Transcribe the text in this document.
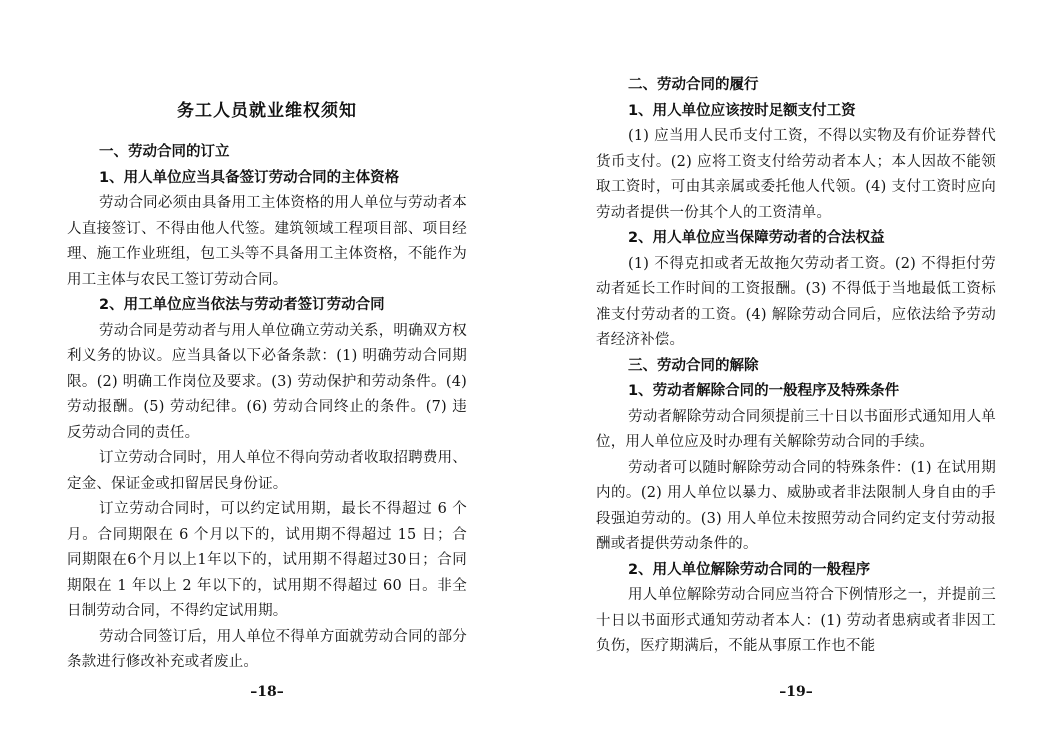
务工人员就业维权须知
一、劳动合同的订立
1、用人单位应当具备签订劳动合同的主体资格
劳动合同必须由具备用工主体资格的用人单位与劳动者本人直接签订、不得由他人代签。建筑领域工程项目部、项目经理、施工作业班组，包工头等不具备用工主体资格，不能作为用工主体与农民工签订劳动合同。
2、用工单位应当依法与劳动者签订劳动合同
劳动合同是劳动者与用人单位确立劳动关系，明确双方权利义务的协议。应当具备以下必备条款：(1) 明确劳动合同期限。(2) 明确工作岗位及要求。(3) 劳动保护和劳动条件。(4) 劳动报酬。(5) 劳动纪律。(6) 劳动合同终止的条件。(7) 违反劳动合同的责任。
订立劳动合同时，用人单位不得向劳动者收取招聘费用、定金、保证金或扣留居民身份证。
订立劳动合同时，可以约定试用期，最长不得超过 6 个月。合同期限在 6 个月以下的，试用期不得超过 15 日；合同期限在6个月以上1年以下的，试用期不得超过30日；合同期限在 1 年以上 2 年以下的，试用期不得超过 60 日。非全日制劳动合同，不得约定试用期。
劳动合同签订后，用人单位不得单方面就劳动合同的部分条款进行修改补充或者废止。
–18–
二、劳动合同的履行
1、用人单位应该按时足额支付工资
(1) 应当用人民币支付工资，不得以实物及有价证券替代货币支付。(2) 应将工资支付给劳动者本人；本人因故不能领取工资时，可由其亲属或委托他人代领。(4) 支付工资时应向劳动者提供一份其个人的工资清单。
2、用人单位应当保障劳动者的合法权益
(1) 不得克扣或者无故拖欠劳动者工资。(2) 不得拒付劳动者延长工作时间的工资报酬。(3) 不得低于当地最低工资标准支付劳动者的工资。(4) 解除劳动合同后，应依法给予劳动者经济补偿。
三、劳动合同的解除
1、劳动者解除合同的一般程序及特殊条件
劳动者解除劳动合同须提前三十日以书面形式通知用人单位，用人单位应及时办理有关解除劳动合同的手续。
劳动者可以随时解除劳动合同的特殊条件：(1) 在试用期内的。(2) 用人单位以暴力、威胁或者非法限制人身自由的手段强迫劳动的。(3) 用人单位未按照劳动合同约定支付劳动报酬或者提供劳动条件的。
2、用人单位解除劳动合同的一般程序
用人单位解除劳动合同应当符合下例情形之一，并提前三十日以书面形式通知劳动者本人：(1) 劳动者患病或者非因工负伤，医疗期满后，不能从事原工作也不能
–19–
